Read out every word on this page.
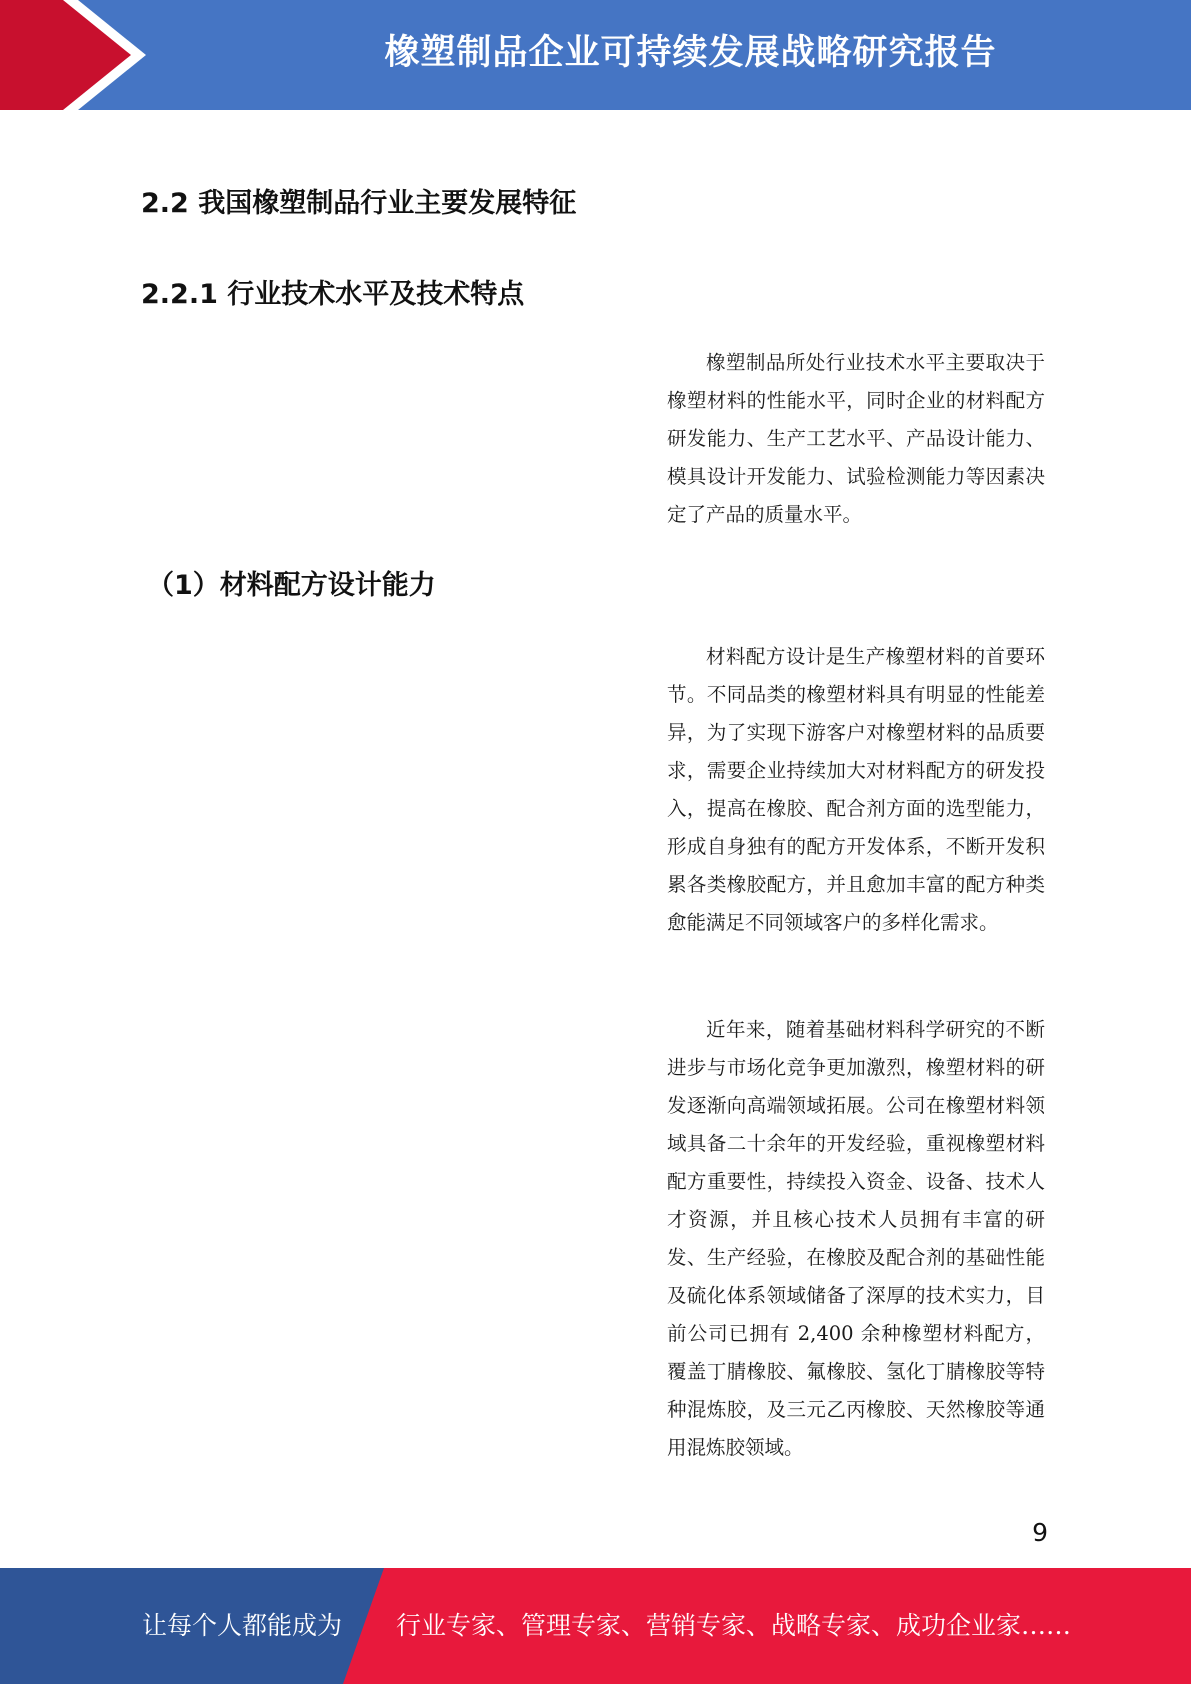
橡塑制品企业可持续发展战略研究报告
2.2 我国橡塑制品行业主要发展特征
2.2.1 行业技术水平及技术特点

橡塑制品所处行业技术水平主要取决于橡塑材料的性能水平，同时企业的材料配方研发能力、生产工艺水平、产品设计能力、模具设计开发能力、试验检测能力等因素决定了产品的质量水平。

（1）材料配方设计能力

材料配方设计是生产橡塑材料的首要环节。不同品类的橡塑材料具有明显的性能差异，为了实现下游客户对橡塑材料的品质要求，需要企业持续加大对材料配方的研发投入，提高在橡胶、配合剂方面的选型能力，形成自身独有的配方开发体系，不断开发积累各类橡胶配方，并且愈加丰富的配方种类愈能满足不同领域客户的多样化需求。

近年来，随着基础材料科学研究的不断进步与市场化竞争更加激烈，橡塑材料的研发逐渐向高端领域拓展。公司在橡塑材料领域具备二十余年的开发经验，重视橡塑材料配方重要性，持续投入资金、设备、技术人才资源，并且核心技术人员拥有丰富的研发、生产经验，在橡胶及配合剂的基础性能及硫化体系领域储备了深厚的技术实力，目前公司已拥有 2,400 余种橡塑材料配方，覆盖丁腈橡胶、氟橡胶、氢化丁腈橡胶等特种混炼胶，及三元乙丙橡胶、天然橡胶等通用混炼胶领域。

9
让每个人都能成为 行业专家、管理专家、营销专家、战略专家、成功企业家……
